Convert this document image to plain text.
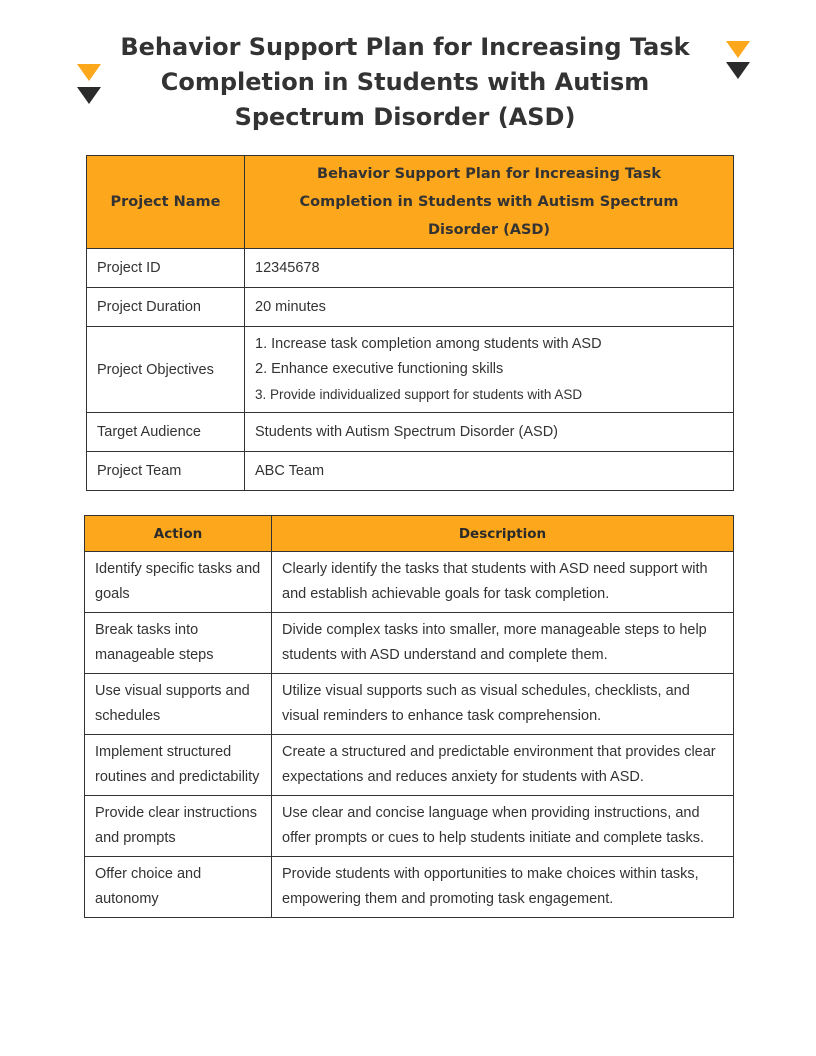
Behavior Support Plan for Increasing Task Completion in Students with Autism Spectrum Disorder (ASD)
Project Name	Behavior Support Plan for Increasing Task Completion in Students with Autism Spectrum Disorder (ASD)
Project ID	12345678
Project Duration	20 minutes
Project Objectives	1. Increase task completion among students with ASD
2. Enhance executive functioning skills
3. Provide individualized support for students with ASD

Target Audience	Students with Autism Spectrum Disorder (ASD)
Project Team	ABC Team
Action	Description
Identify specific tasks and goals	Clearly identify the tasks that students with ASD need support with and establish achievable goals for task completion.
Break tasks into manageable steps	Divide complex tasks into smaller, more manageable steps to help students with ASD understand and complete them.
Use visual supports and schedules	Utilize visual supports such as visual schedules, checklists, and visual reminders to enhance task comprehension.
Implement structured routines and predictability	Create a structured and predictable environment that provides clear expectations and reduces anxiety for students with ASD.
Provide clear instructions and prompts	Use clear and concise language when providing instructions, and offer prompts or cues to help students initiate and complete tasks.
Offer choice and autonomy	Provide students with opportunities to make choices within tasks, empowering them and promoting task engagement.
